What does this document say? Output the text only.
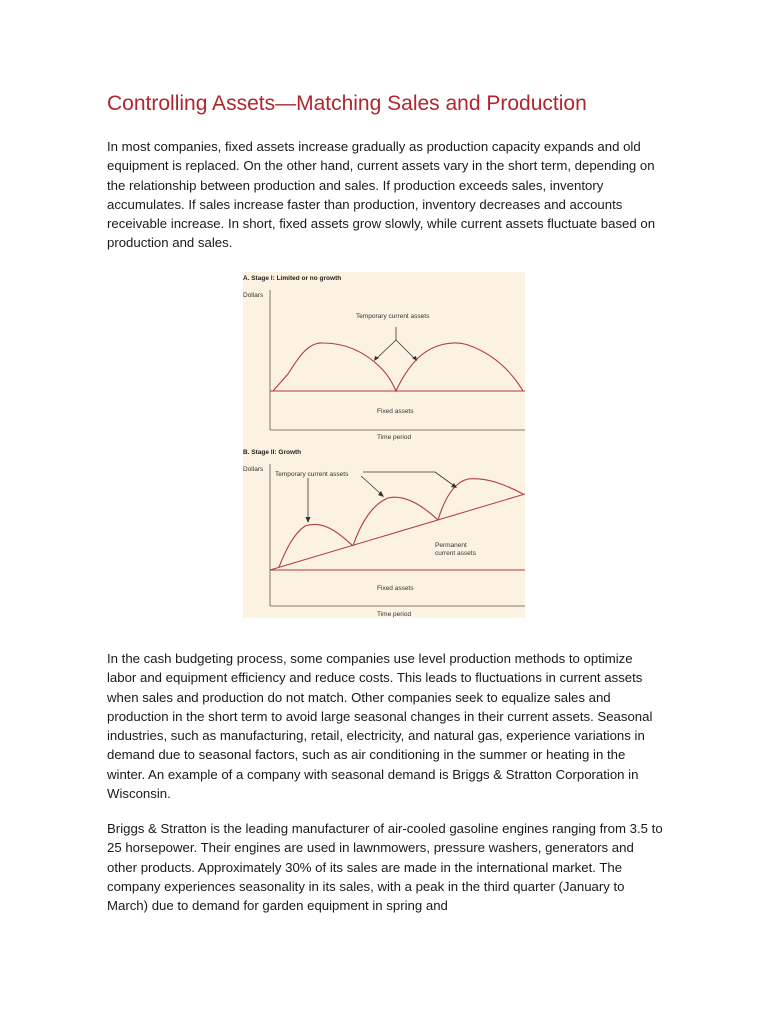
Controlling Assets—Matching Sales and Production

In most companies, fixed assets increase gradually as production capacity expands and old equipment is replaced. On the other hand, current assets vary in the short term, depending on the relationship between production and sales. If production exceeds sales, inventory accumulates. If sales increase faster than production, inventory decreases and accounts receivable increase. In short, fixed assets grow slowly, while current assets fluctuate based on production and sales.

A. Stage I: Limited or no growth
Dollars
Temporary current assets
Fixed assets
Time period
B. Stage II: Growth
Dollars
Temporary current assets
Permanent
current assets
Fixed assets
Time period

In the cash budgeting process, some companies use level production methods to optimize labor and equipment efficiency and reduce costs. This leads to fluctuations in current assets when sales and production do not match. Other companies seek to equalize sales and production in the short term to avoid large seasonal changes in their current assets. Seasonal industries, such as manufacturing, retail, electricity, and natural gas, experience variations in demand due to seasonal factors, such as air conditioning in the summer or heating in the winter. An example of a company with seasonal demand is Briggs & Stratton Corporation in Wisconsin.

Briggs & Stratton is the leading manufacturer of air-cooled gasoline engines ranging from 3.5 to 25 horsepower. Their engines are used in lawnmowers, pressure washers, generators and other products. Approximately 30% of its sales are made in the international market. The company experiences seasonality in its sales, with a peak in the third quarter (January to March) due to demand for garden equipment in spring and
